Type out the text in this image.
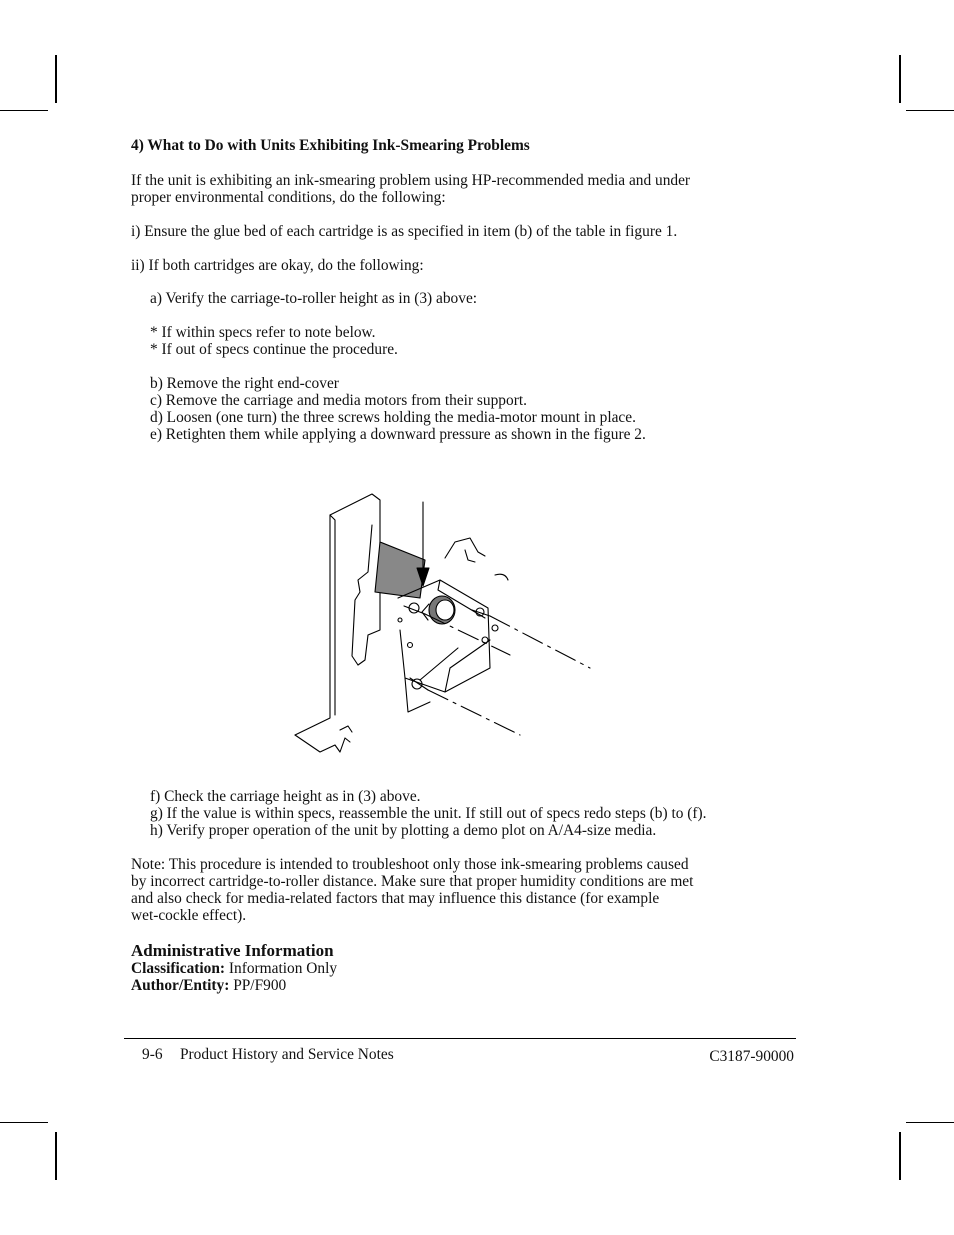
4) What to Do with Units Exhibiting Ink-Smearing Problems
If the unit is exhibiting an ink-smearing problem using HP-recommended media and under
proper environmental conditions, do the following:
i) Ensure the glue bed of each cartridge is as specified in item (b) of the table in figure 1.
ii) If both cartridges are okay, do the following:
a) Verify the carriage-to-roller height as in (3) above:
* If within specs refer to note below.
* If out of specs continue the procedure.
b) Remove the right end-cover
c) Remove the carriage and media motors from their support.
d) Loosen (one turn) the three screws holding the media-motor mount in place.
e) Retighten them while applying a downward pressure as shown in the figure 2.
f) Check the carriage height as in (3) above.
g) If the value is within specs, reassemble the unit. If still out of specs redo steps (b) to (f).
h) Verify proper operation of the unit by plotting a demo plot on A/A4-size media.
Note: This procedure is intended to troubleshoot only those ink-smearing problems caused
by incorrect cartridge-to-roller distance. Make sure that proper humidity conditions are met
and also check for media-related factors that may influence this distance (for example
wet-cockle effect).
Administrative Information
Classification: Information Only
Author/Entity: PP/F900
9-6 Product History and Service Notes	C3187-90000
